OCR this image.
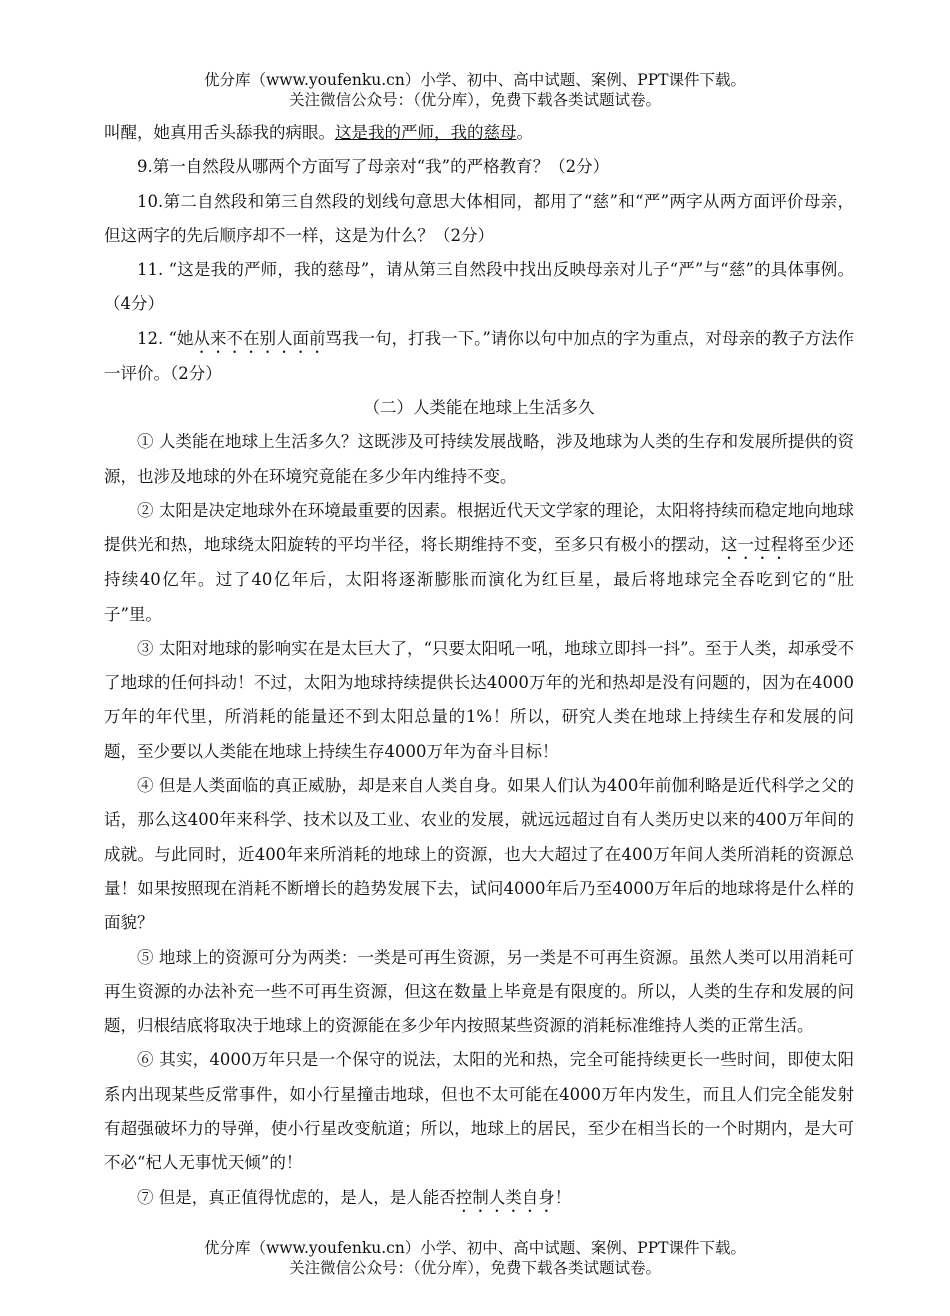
优分库（www.youfenku.cn）小学、初中、高中试题、案例、PPT课件下载。
关注微信公众号：（优分库），免费下载各类试题试卷。

叫醒，她真用舌头舔我的病眼。这是我的严师，我的慈母。

9.第一自然段从哪两个方面写了母亲对“我”的严格教育？（2分）

10.第二自然段和第三自然段的划线句意思大体相同，都用了“慈”和“严”两字从两方面评价母亲，但这两字的先后顺序却不一样，这是为什么？（2分）

11. “这是我的严师，我的慈母”，请从第三自然段中找出反映母亲对儿子“严”与“慈”的具体事例。（4分）

12. “她从来不在别人面前骂我一句，打我一下。”请你以句中加点的字为重点，对母亲的教子方法作一评价。（2分）

（二）人类能在地球上生活多久

① 人类能在地球上生活多久？这既涉及可持续发展战略，涉及地球为人类的生存和发展所提供的资源，也涉及地球的外在环境究竟能在多少年内维持不变。

② 太阳是决定地球外在环境最重要的因素。根据近代天文学家的理论，太阳将持续而稳定地向地球提供光和热，地球绕太阳旋转的平均半径，将长期维持不变，至多只有极小的摆动，这一过程将至少还持续40亿年。过了40亿年后，太阳将逐渐膨胀而演化为红巨星，最后将地球完全吞吃到它的“肚子”里。

③ 太阳对地球的影响实在是太巨大了，“只要太阳吼一吼，地球立即抖一抖”。至于人类，却承受不了地球的任何抖动！不过，太阳为地球持续提供长达4000万年的光和热却是没有问题的，因为在4000万年的年代里，所消耗的能量还不到太阳总量的1%！所以，研究人类在地球上持续生存和发展的问题，至少要以人类能在地球上持续生存4000万年为奋斗目标！

④ 但是人类面临的真正威胁，却是来自人类自身。如果人们认为400年前伽利略是近代科学之父的话，那么这400年来科学、技术以及工业、农业的发展，就远远超过自有人类历史以来的400万年间的成就。与此同时，近400年来所消耗的地球上的资源，也大大超过了在400万年间人类所消耗的资源总量！如果按照现在消耗不断增长的趋势发展下去，试问4000年后乃至4000万年后的地球将是什么样的面貌？

⑤ 地球上的资源可分为两类：一类是可再生资源，另一类是不可再生资源。虽然人类可以用消耗可再生资源的办法补充一些不可再生资源，但这在数量上毕竟是有限度的。所以，人类的生存和发展的问题，归根结底将取决于地球上的资源能在多少年内按照某些资源的消耗标准维持人类的正常生活。

⑥ 其实，4000万年只是一个保守的说法，太阳的光和热，完全可能持续更长一些时间，即使太阳系内出现某些反常事件，如小行星撞击地球，但也不太可能在4000万年内发生，而且人们完全能发射有超强破坏力的导弹，使小行星改变航道；所以，地球上的居民，至少在相当长的一个时期内，是大可不必“杞人无事忧天倾”的！

⑦ 但是，真正值得忧虑的，是人，是人能否控制人类自身！

优分库（www.youfenku.cn）小学、初中、高中试题、案例、PPT课件下载。
关注微信公众号：（优分库），免费下载各类试题试卷。
